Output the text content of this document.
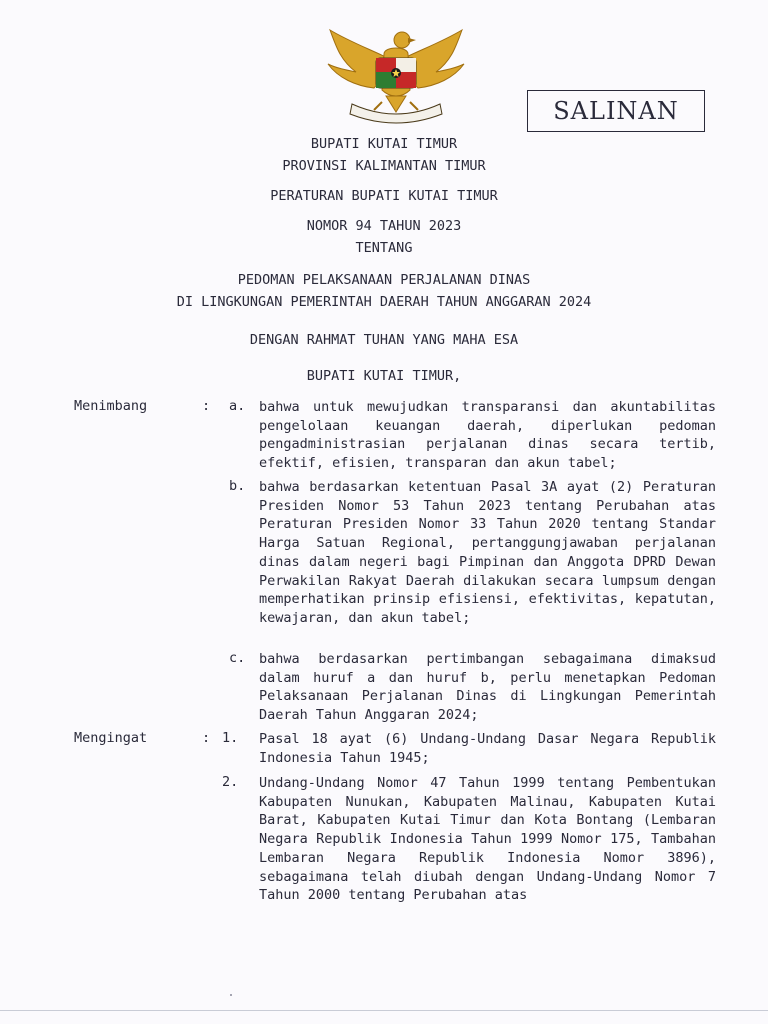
SALINAN
BUPATI KUTAI TIMUR
PROVINSI KALIMANTAN TIMUR
PERATURAN BUPATI KUTAI TIMUR
NOMOR 94 TAHUN 2023
TENTANG
PEDOMAN PELAKSANAAN PERJALANAN DINAS
DI LINGKUNGAN PEMERINTAH DAERAH TAHUN ANGGARAN 2024
DENGAN RAHMAT TUHAN YANG MAHA ESA
BUPATI KUTAI TIMUR,
Menimbang	: a. bahwa untuk mewujudkan transparansi dan akuntabilitas pengelolaan keuangan daerah, diperlukan pedoman pengadministrasian perjalanan dinas secara tertib, efektif, efisien, transparan dan akun tabel;
b. bahwa berdasarkan ketentuan Pasal 3A ayat (2) Peraturan Presiden Nomor 53 Tahun 2023 tentang Perubahan atas Peraturan Presiden Nomor 33 Tahun 2020 tentang Standar Harga Satuan Regional, pertanggungjawaban perjalanan dinas dalam negeri bagi Pimpinan dan Anggota DPRD Dewan Perwakilan Rakyat Daerah dilakukan secara lumpsum dengan memperhatikan prinsip efisiensi, efektivitas, kepatutan, kewajaran, dan akun tabel;
c. bahwa berdasarkan pertimbangan sebagaimana dimaksud dalam huruf a dan huruf b, perlu menetapkan Pedoman Pelaksanaan Perjalanan Dinas di Lingkungan Pemerintah Daerah Tahun Anggaran 2024;
Mengingat	: 1. Pasal 18 ayat (6) Undang-Undang Dasar Negara Republik Indonesia Tahun 1945;
2. Undang-Undang Nomor 47 Tahun 1999 tentang Pembentukan Kabupaten Nunukan, Kabupaten Malinau, Kabupaten Kutai Barat, Kabupaten Kutai Timur dan Kota Bontang (Lembaran Negara Republik Indonesia Tahun 1999 Nomor 175, Tambahan Lembaran Negara Republik Indonesia Nomor 3896), sebagaimana telah diubah dengan Undang-Undang Nomor 7 Tahun 2000 tentang Perubahan atas
